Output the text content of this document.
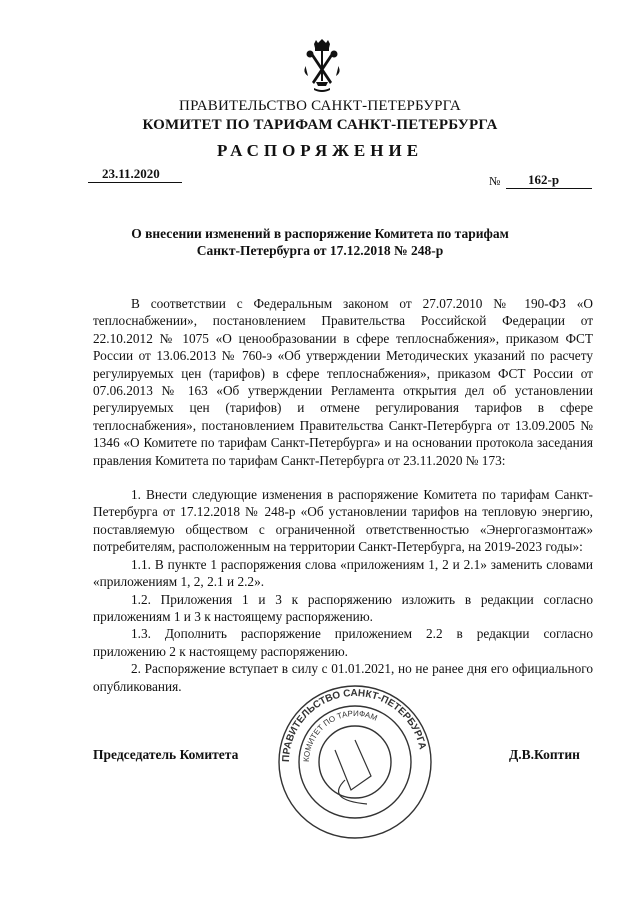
ПРАВИТЕЛЬСТВО САНКТ-ПЕТЕРБУРГА
КОМИТЕТ ПО ТАРИФАМ САНКТ-ПЕТЕРБУРГА
РАСПОРЯЖЕНИЕ
23.11.2020	№	162-р
О внесении изменений в распоряжение Комитета по тарифам
Санкт-Петербурга от 17.12.2018 № 248-р

В соответствии с Федеральным законом от 27.07.2010 № 190-ФЗ «О теплоснабжении», постановлением Правительства Российской Федерации от 22.10.2012 № 1075 «О ценообразовании в сфере теплоснабжения», приказом ФСТ России от 13.06.2013 № 760-э «Об утверждении Методических указаний по расчету регулируемых цен (тарифов) в сфере теплоснабжения», приказом ФСТ России от 07.06.2013 № 163 «Об утверждении Регламента открытия дел об установлении регулируемых цен (тарифов) и отмене регулирования тарифов в сфере теплоснабжения», постановлением Правительства Санкт-Петербурга от 13.09.2005 № 1346 «О Комитете по тарифам Санкт-Петербурга» и на основании протокола заседания правления Комитета по тарифам Санкт-Петербурга от 23.11.2020 № 173:

1. Внести следующие изменения в распоряжение Комитета по тарифам Санкт-Петербурга от 17.12.2018 № 248-р «Об установлении тарифов на тепловую энергию, поставляемую обществом с ограниченной ответственностью «Энергогазмонтаж» потребителям, расположенным на территории Санкт-Петербурга, на 2019-2023 годы»:

1.1. В пункте 1 распоряжения слова «приложениям 1, 2 и 2.1» заменить словами «приложениям 1, 2, 2.1 и 2.2».

1.2. Приложения 1 и 3 к распоряжению изложить в редакции согласно приложениям 1 и 3 к настоящему распоряжению.

1.3. Дополнить распоряжение приложением 2.2 в редакции согласно приложению 2 к настоящему распоряжению.

2. Распоряжение вступает в силу с 01.01.2021, но не ранее дня его официального опубликования.

Председатель Комитета	Д.В.Коптин
ПРАВИТЕЛЬСТВО САНКТ-ПЕТЕРБУРГА
КОМИТЕТ ПО ТАРИФАМ
